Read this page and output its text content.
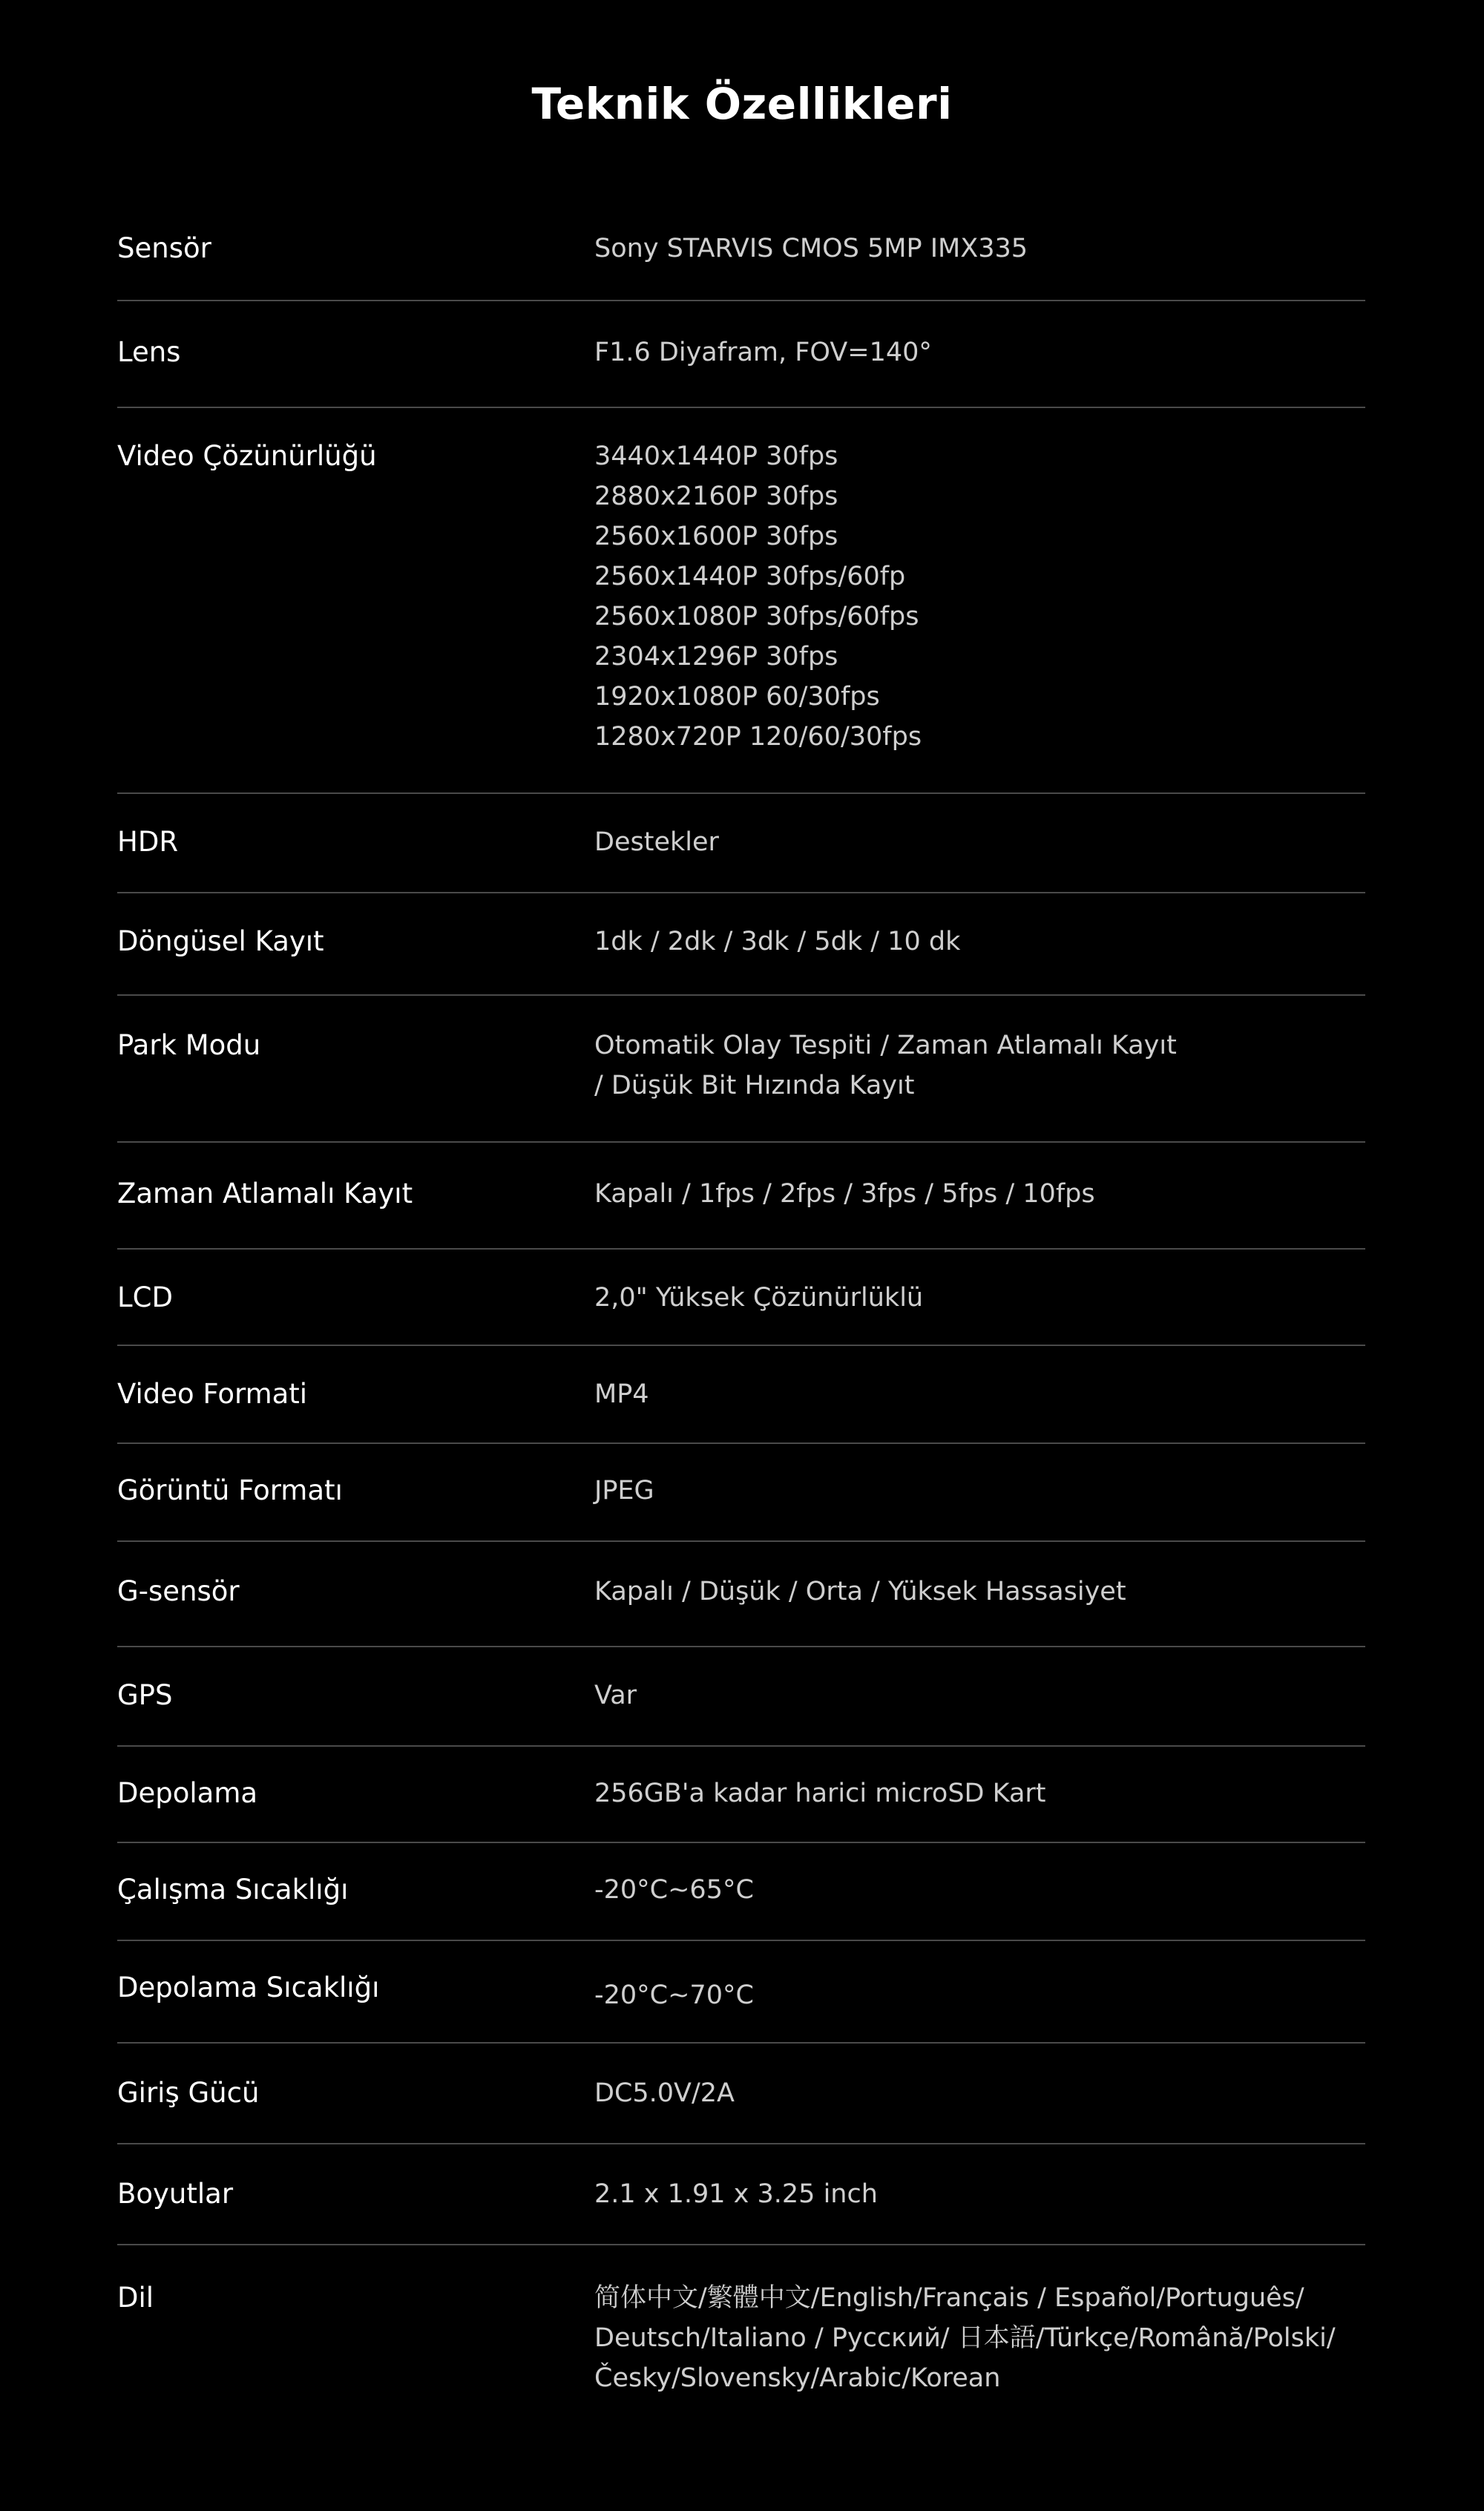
Teknik Özellikleri
Sensör	Sony STARVIS CMOS 5MP IMX335
Lens	F1.6 Diyafram, FOV=140°
Video Çözünürlüğü	3440x1440P 30fps
2880x2160P 30fps
2560x1600P 30fps
2560x1440P 30fps/60fp
2560x1080P 30fps/60fps
2304x1296P 30fps
1920x1080P 60/30fps
1280x720P 120/60/30fps
HDR	Destekler
Döngüsel Kayıt	1dk / 2dk / 3dk / 5dk / 10 dk
Park Modu	Otomatik Olay Tespiti / Zaman Atlamalı Kayıt
/ Düşük Bit Hızında Kayıt
Zaman Atlamalı Kayıt	Kapalı / 1fps / 2fps / 3fps / 5fps / 10fps
LCD	2,0" Yüksek Çözünürlüklü
Video Formati	MP4
Görüntü Formatı	JPEG
G-sensör	Kapalı / Düşük / Orta / Yüksek Hassasiyet
GPS	Var
Depolama	256GB'a kadar harici microSD Kart
Çalışma Sıcaklığı	-20°C~65°C
Depolama Sıcaklığı	-20°C~70°C
Giriş Gücü	DC5.0V/2A
Boyutlar	2.1 x 1.91 x 3.25 inch
Dil	简体中文/繁體中文/English/Français / Español/Português/
Deutsch/Italiano / Русский/ 日本語/Türkçe/Română/Polski/
Česky/Slovensky/Arabic/Korean
